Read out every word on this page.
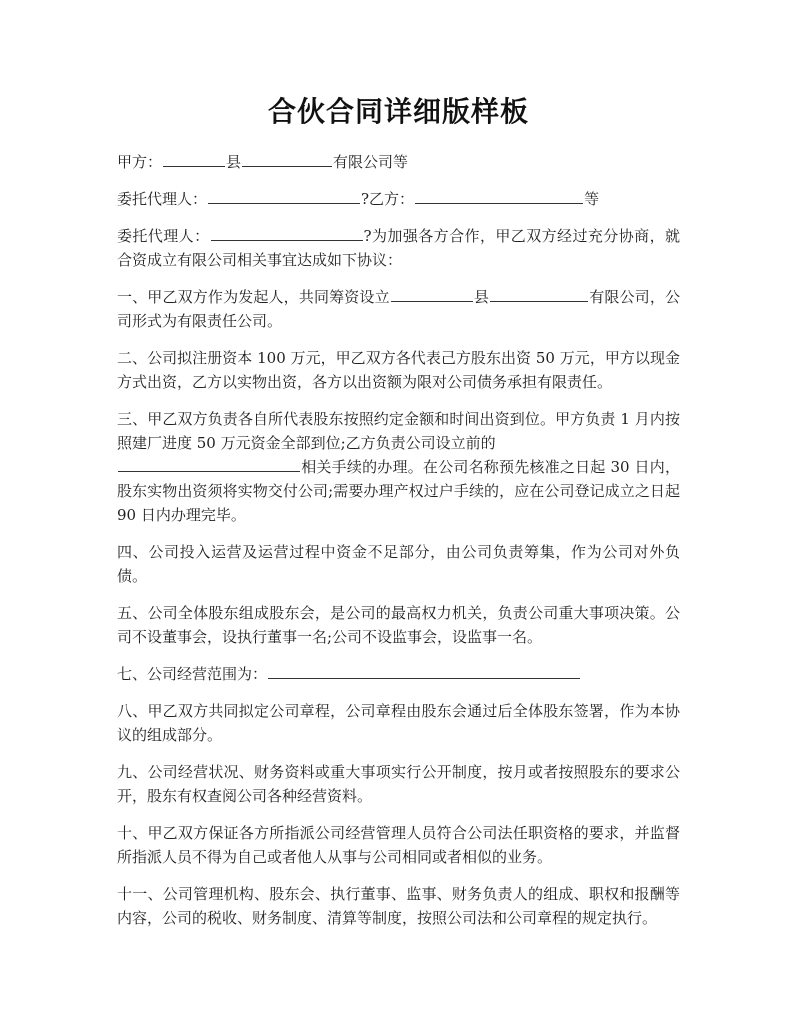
合伙合同详细版样板

甲方：	县	有限公司等

委托代理人：	?乙方：	等

委托代理人：	?为加强各方合作，甲乙双方经过充分协商，就合资成立有限公司相关事宜达成如下协议：

一、甲乙双方作为发起人，共同筹资设立	县	有限公司，公司形式为有限责任公司。

二、公司拟注册资本 100 万元，甲乙双方各代表己方股东出资 50 万元，甲方以现金方式出资，乙方以实物出资，各方以出资额为限对公司债务承担有限责任。

三、甲乙双方负责各自所代表股东按照约定金额和时间出资到位。甲方负责 1 月内按照建厂进度 50 万元资金全部到位;乙方负责公司设立前的
相关手续的办理。在公司名称预先核准之日起 30 日内，股东实物出资须将实物交付公司;需要办理产权过户手续的，应在公司登记成立之日起 90 日内办理完毕。

四、公司投入运营及运营过程中资金不足部分，由公司负责筹集，作为公司对外负债。

五、公司全体股东组成股东会，是公司的最高权力机关，负责公司重大事项决策。公司不设董事会，设执行董事一名;公司不设监事会，设监事一名。

七、公司经营范围为：

八、甲乙双方共同拟定公司章程，公司章程由股东会通过后全体股东签署，作为本协议的组成部分。

九、公司经营状况、财务资料或重大事项实行公开制度，按月或者按照股东的要求公开，股东有权查阅公司各种经营资料。

十、甲乙双方保证各方所指派公司经营管理人员符合公司法任职资格的要求，并监督所指派人员不得为自己或者他人从事与公司相同或者相似的业务。

十一、公司管理机构、股东会、执行董事、监事、财务负责人的组成、职权和报酬等内容，公司的税收、财务制度、清算等制度，按照公司法和公司章程的规定执行。
